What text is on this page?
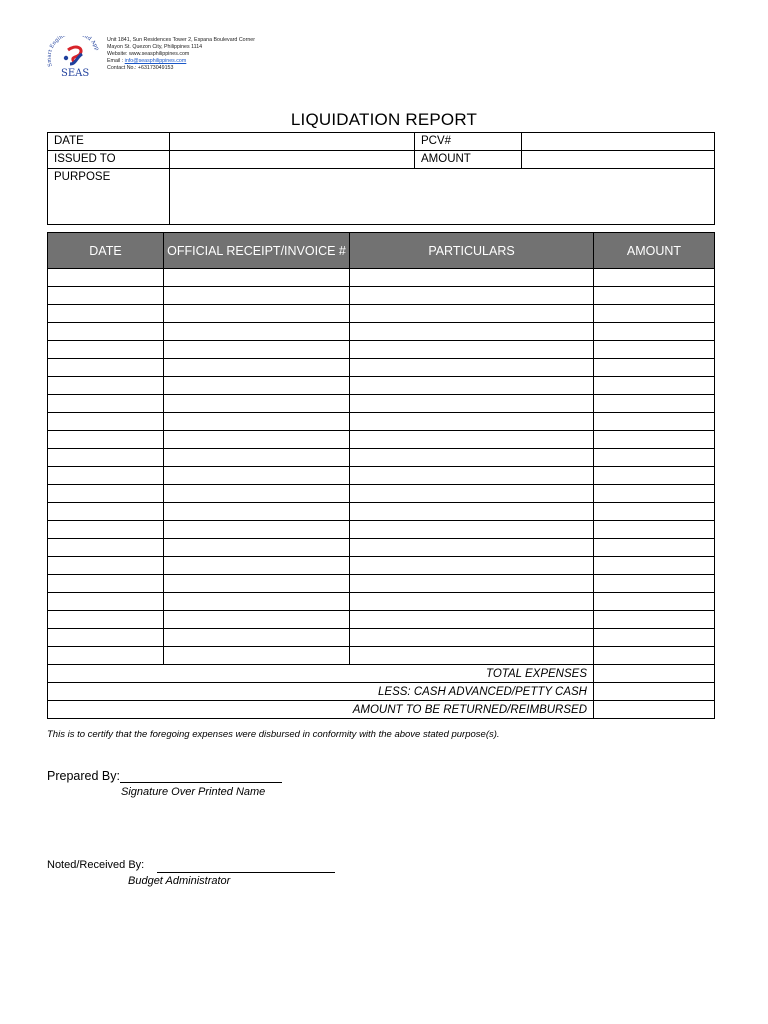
Smart Engin nd App
SEAS
Unit 1841, Sun Residences Tower 2, Espana Boulevard Corner
Mayon St. Quezon City, Philippines 1114
Website: www.seasphilippines.com
Email : info@seasphilippines.com
Contact No.: +63173049153
LIQUIDATION REPORT
DATE		PCV#	
ISSUED TO		AMOUNT	
PURPOSE			
DATE	OFFICIAL RECEIPT/INVOICE #	PARTICULARS	AMOUNT

TOTAL EXPENSES			
LESS: CASH ADVANCED/PETTY CASH			
AMOUNT TO BE RETURNED/REIMBURSED			
This is to certify that the foregoing expenses were disbursed in conformity with the above stated purpose(s).
Prepared By:
Signature Over Printed Name
Noted/Received By:
Budget Administrator
